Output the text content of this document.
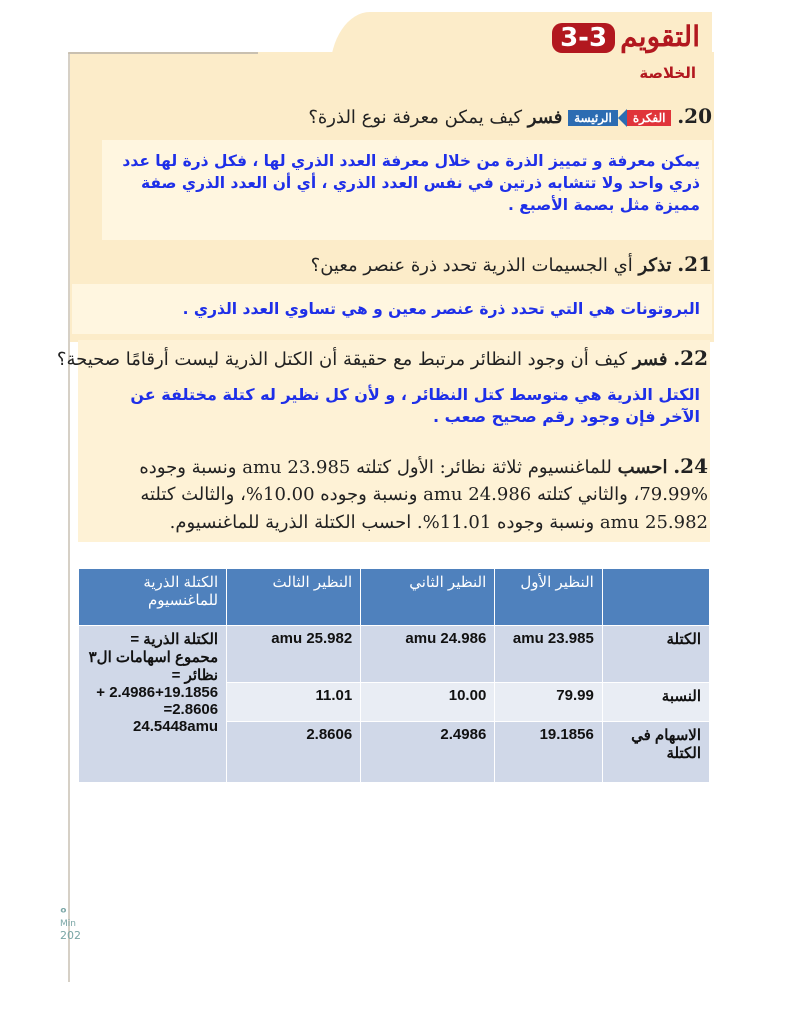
التقويم 3-3
الخلاصة
20. الفكرةالرئيسة فسر كيف يمكن معرفة نوع الذرة؟
يمكن معرفة و تمييز الذرة من خلال معرفة العدد الذري لها ، فكل ذرة لها عدد ذري واحد ولا تتشابه ذرتين في نفس العدد الذري ، أي أن العدد الذري صفة مميزة مثل بصمة الأصبع .
21. تذكر أي الجسيمات الذرية تحدد ذرة عنصر معين؟
البروتونات هي التي تحدد ذرة عنصر معين و هي تساوي العدد الذري .
22. فسر كيف أن وجود النظائر مرتبط مع حقيقة أن الكتل الذرية ليست أرقامًا صحيحة؟
الكتل الذرية هي متوسط كتل النظائر ، و لأن كل نظير له كتلة مختلفة عن الآخر فإن وجود رقم صحيح صعب .
24. احسب للماغنسيوم ثلاثة نظائر: الأول كتلته 23.985 amu ونسبة وجوده
79.99%، والثاني كتلته 24.986 amu ونسبة وجوده 10.00%، والثالث كتلته
25.982 amu ونسبة وجوده 11.01%. احسب الكتلة الذرية للماغنسيوم.
	النظير الأول	النظير الثاني	النظير الثالث	الكتلة الذرية للماغنسيوم
الكتلة	23.985 amu	24.986 amu	25.982 amu	الكتلة الذرية = محموع اسهامات ال٣ نظائر = 19.1856+2.4986 + 2.8606= 24.5448amu
النسبة	79.99	10.00	11.01	
الاسهام في الكتلة	19.1856	2.4986	2.8606	
ᵒ
Min
202
